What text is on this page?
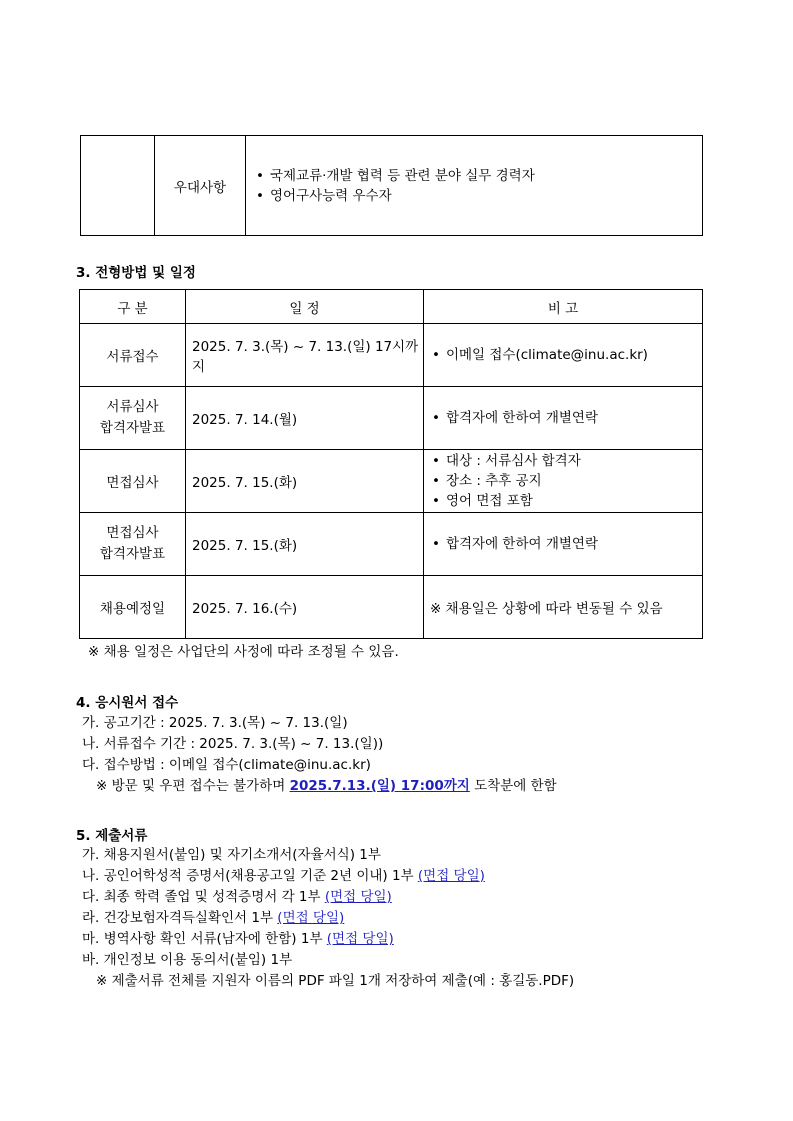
	우대사항	
• 국제교류·개발 협력 등 관련 분야 실무 경력자
• 영어구사능력 우수자
3. 전형방법 및 일정
구 분	일 정	비 고
서류접수	2025. 7. 3.(목) ~ 7. 13.(일) 17시까지	• 이메일 접수(climate@inu.ac.kr)

서류심사
합격자발표	2025. 7. 14.(월)	• 합격자에 한하여 개별연락

면접심사	2025. 7. 15.(화)	• 대상 : 서류심사 합격자
• 장소 : 추후 공지
• 영어 면접 포함

면접심사
합격자발표	2025. 7. 15.(화)	• 합격자에 한하여 개별연락

채용예정일	2025. 7. 16.(수)	※ 채용일은 상황에 따라 변동될 수 있음
※ 채용 일정은 사업단의 사정에 따라 조정될 수 있음.
4. 응시원서 접수
가. 공고기간 : 2025. 7. 3.(목) ~ 7. 13.(일)
나. 서류접수 기간 : 2025. 7. 3.(목) ~ 7. 13.(일))
다. 접수방법 : 이메일 접수(climate@inu.ac.kr)
※ 방문 및 우편 접수는 불가하며 2025.7.13.(일) 17:00까지 도착분에 한함
5. 제출서류
가. 채용지원서(붙임) 및 자기소개서(자율서식) 1부
나. 공인어학성적 증명서(채용공고일 기준 2년 이내) 1부 (면접 당일)
다. 최종 학력 졸업 및 성적증명서 각 1부 (면접 당일)
라. 건강보험자격득실확인서 1부 (면접 당일)
마. 병역사항 확인 서류(남자에 한함) 1부 (면접 당일)
바. 개인정보 이용 동의서(붙임) 1부
※ 제출서류 전체를 지원자 이름의 PDF 파일 1개 저장하여 제출(예 : 홍길동.PDF)
